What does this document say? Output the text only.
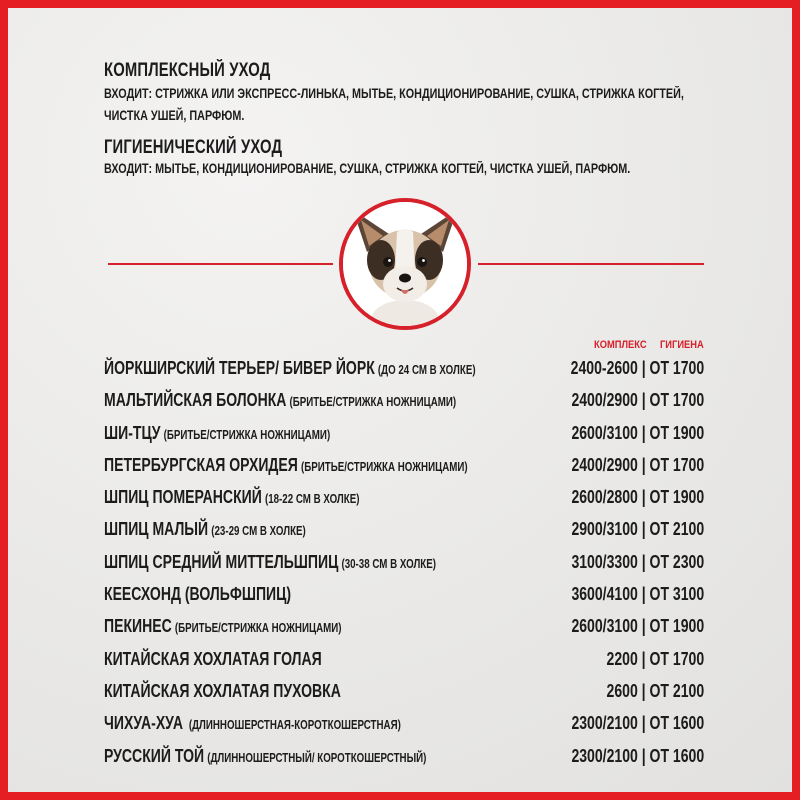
КОМПЛЕКСНЫЙ УХОД
ВХОДИТ: СТРИЖКА ИЛИ ЭКСПРЕСС-ЛИНЬКА, МЫТЬЕ, КОНДИЦИОНИРОВАНИЕ, СУШКА, СТРИЖКА КОГТЕЙ,
ЧИСТКА УШЕЙ, ПАРФЮМ.
ГИГИЕНИЧЕСКИЙ УХОД
ВХОДИТ: МЫТЬЕ, КОНДИЦИОНИРОВАНИЕ, СУШКА, СТРИЖКА КОГТЕЙ, ЧИСТКА УШЕЙ, ПАРФЮМ.
КОМПЛЕКС ГИГИЕНА
ЙОРКШИРСКИЙ ТЕРЬЕР/ БИВЕР ЙОРК (ДО 24 СМ В ХОЛКЕ)	2400-2600 | ОТ 1700
МАЛЬТИЙСКАЯ БОЛОНКА (БРИТЬЕ/СТРИЖКА НОЖНИЦАМИ)	2400/2900 | ОТ 1700
ШИ-ТЦУ (БРИТЬЕ/СТРИЖКА НОЖНИЦАМИ)	2600/3100 | ОТ 1900
ПЕТЕРБУРГСКАЯ ОРХИДЕЯ (БРИТЬЕ/СТРИЖКА НОЖНИЦАМИ)	2400/2900 | ОТ 1700
ШПИЦ ПОМЕРАНСКИЙ (18-22 СМ В ХОЛКЕ)	2600/2800 | ОТ 1900
ШПИЦ МАЛЫЙ (23-29 СМ В ХОЛКЕ)	2900/3100 | ОТ 2100
ШПИЦ СРЕДНИЙ МИТТЕЛЬШПИЦ (30-38 СМ В ХОЛКЕ)	3100/3300 | ОТ 2300
КЕЕСХОНД (ВОЛЬФШПИЦ)	3600/4100 | ОТ 3100
ПЕКИНЕС (БРИТЬЕ/СТРИЖКА НОЖНИЦАМИ)	2600/3100 | ОТ 1900
КИТАЙСКАЯ ХОХЛАТАЯ ГОЛАЯ	2200 | ОТ 1700
КИТАЙСКАЯ ХОХЛАТАЯ ПУХОВКА	2600 | ОТ 2100
ЧИХУА-ХУА (ДЛИННОШЕРСТНАЯ-КОРОТКОШЕРСТНАЯ)	2300/2100 | ОТ 1600
РУССКИЙ ТОЙ (ДЛИННОШЕРСТНЫЙ/ КОРОТКОШЕРСТНЫЙ)	2300/2100 | ОТ 1600
